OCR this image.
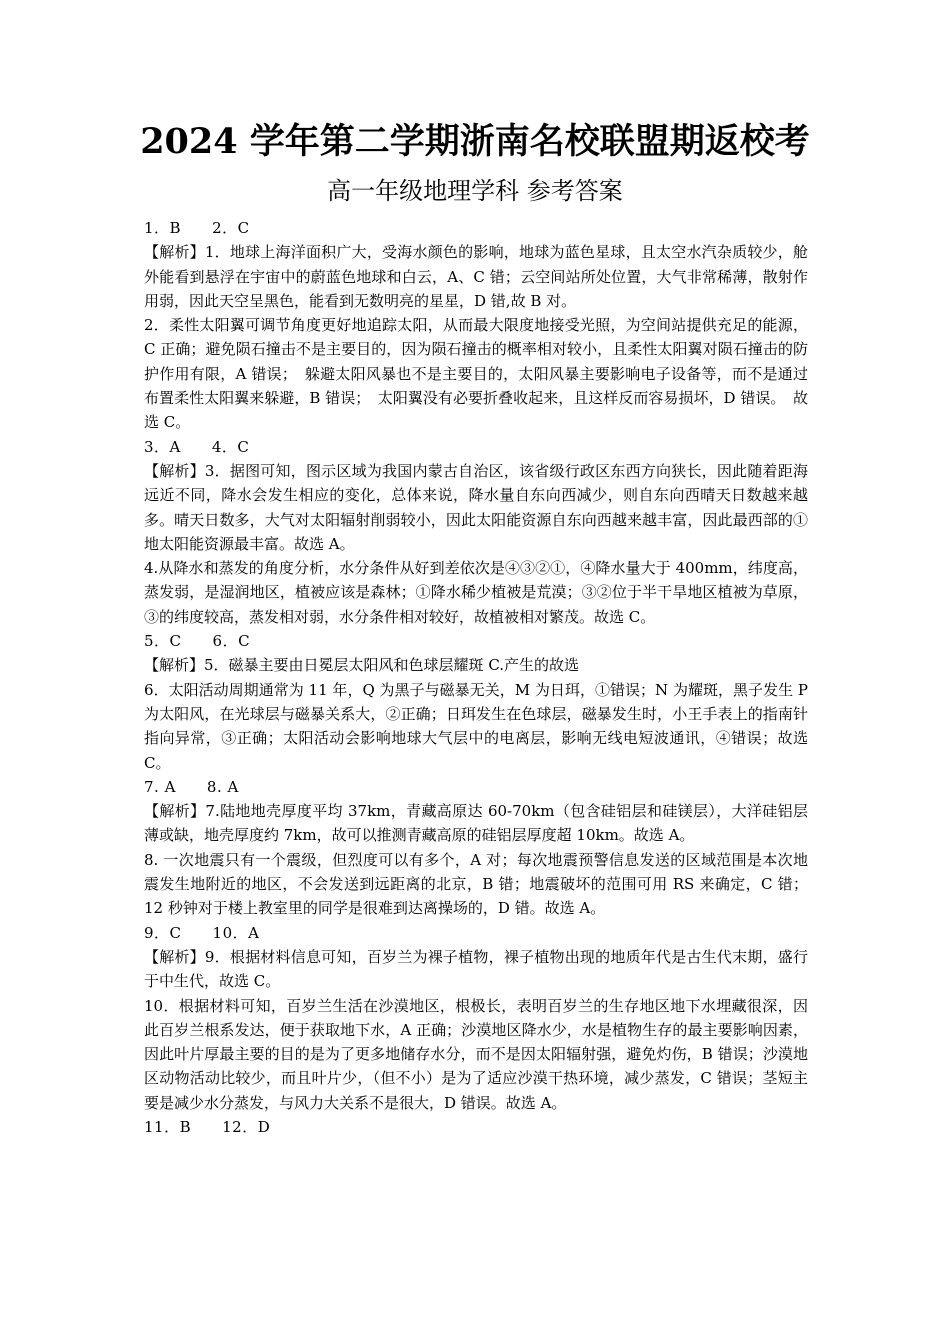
2024 学年第二学期浙南名校联盟期返校考
高一年级地理学科 参考答案

1．B　　2．C

【解析】1．地球上海洋面积广大，受海水颜色的影响，地球为蓝色星球，且太空水汽杂质较少，舱外能看到悬浮在宇宙中的蔚蓝色地球和白云，A、C 错；云空间站所处位置，大气非常稀薄，散射作用弱，因此天空呈黑色，能看到无数明亮的星星，D 错,故 B 对。

2．柔性太阳翼可调节角度更好地追踪太阳，从而最大限度地接受光照，为空间站提供充足的能源，C 正确；避免陨石撞击不是主要目的，因为陨石撞击的概率相对较小，且柔性太阳翼对陨石撞击的防护作用有限，A 错误；　躲避太阳风暴也不是主要目的，太阳风暴主要影响电子设备等，而不是通过布置柔性太阳翼来躲避，B 错误；　太阳翼没有必要折叠收起来，且这样反而容易损坏，D 错误。　故选 C。

3．A　　4．C

【解析】3．据图可知，图示区域为我国内蒙古自治区，该省级行政区东西方向狭长，因此随着距海远近不同，降水会发生相应的变化，总体来说，降水量自东向西减少，则自东向西晴天日数越来越多。晴天日数多，大气对太阳辐射削弱较小，因此太阳能资源自东向西越来越丰富，因此最西部的①地太阳能资源最丰富。故选 A。

4.从降水和蒸发的角度分析，水分条件从好到差依次是④③②①，④降水量大于 400mm，纬度高，蒸发弱，是湿润地区，植被应该是森林；①降水稀少植被是荒漠；③②位于半干旱地区植被为草原，③的纬度较高，蒸发相对弱，水分条件相对较好，故植被相对繁茂。故选 C。

5．C　　6．C

【解析】5．磁暴主要由日冕层太阳风和色球层耀斑 C.产生的故选

6．太阳活动周期通常为 11 年，Q 为黑子与磁暴无关，M 为日珥，①错误；N 为耀斑，黑子发生 P 为太阳风，在光球层与磁暴关系大，②正确；日珥发生在色球层，磁暴发生时，小王手表上的指南针指向异常，③正确；太阳活动会影响地球大气层中的电离层，影响无线电短波通讯，④错误；故选 C。

7. A　　8. A

【解析】7.陆地地壳厚度平均 37km，青藏高原达 60-70km（包含硅铝层和硅镁层），大洋硅铝层薄或缺，地壳厚度约 7km，故可以推测青藏高原的硅铝层厚度超 10km。故选 A。

8. 一次地震只有一个震级，但烈度可以有多个，A 对；每次地震预警信息发送的区域范围是本次地震发生地附近的地区，不会发送到远距离的北京，B 错；地震破坏的范围可用 RS 来确定，C 错；12 秒钟对于楼上教室里的同学是很难到达离操场的，D 错。故选 A。

9．C　　10．A

【解析】9．根据材料信息可知，百岁兰为裸子植物，裸子植物出现的地质年代是古生代末期，盛行于中生代，故选 C。

10．根据材料可知，百岁兰生活在沙漠地区，根极长，表明百岁兰的生存地区地下水埋藏很深，因此百岁兰根系发达，便于获取地下水，A 正确；沙漠地区降水少，水是植物生存的最主要影响因素，因此叶片厚最主要的目的是为了更多地储存水分，而不是因太阳辐射强，避免灼伤，B 错误；沙漠地区动物活动比较少，而且叶片少，（但不小）是为了适应沙漠干热环境，减少蒸发，C 错误；茎短主要是减少水分蒸发，与风力大关系不是很大，D 错误。故选 A。

11．B　　12．D
